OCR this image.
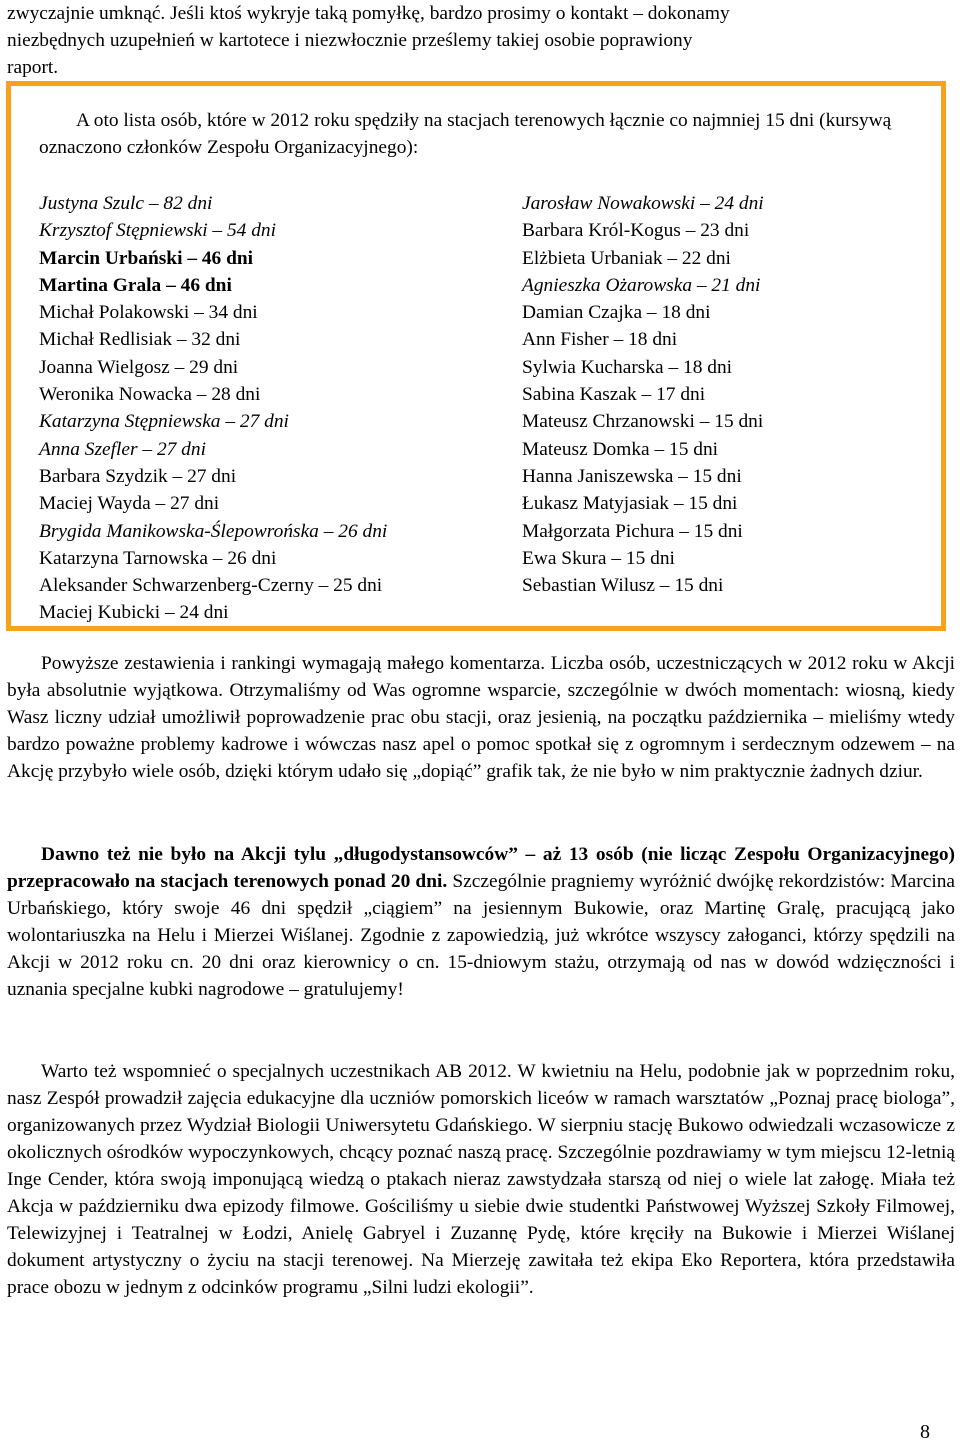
zwyczajnie umknąć. Jeśli ktoś wykryje taką pomyłkę, bardzo prosimy o kontakt – dokonamy
niezbędnych uzupełnień w kartotece i niezwłocznie prześlemy takiej osobie poprawiony
raport.
A oto lista osób, które w 2012 roku spędziły na stacjach terenowych łącznie co najmniej 15 dni (kursywą oznaczono członków Zespołu Organizacyjnego):
Justyna Szulc – 82 dni
Krzysztof Stępniewski – 54 dni
Marcin Urbański – 46 dni
Martina Grala – 46 dni
Michał Polakowski – 34 dni
Michał Redlisiak – 32 dni
Joanna Wielgosz – 29 dni
Weronika Nowacka – 28 dni
Katarzyna Stępniewska – 27 dni
Anna Szefler – 27 dni
Barbara Szydzik – 27 dni
Maciej Wayda – 27 dni
Brygida Manikowska-Ślepowrońska – 26 dni
Katarzyna Tarnowska – 26 dni
Aleksander Schwarzenberg-Czerny – 25 dni
Maciej Kubicki – 24 dni
Jarosław Nowakowski – 24 dni
Barbara Król-Kogus – 23 dni
Elżbieta Urbaniak – 22 dni
Agnieszka Ożarowska – 21 dni
Damian Czajka – 18 dni
Ann Fisher – 18 dni
Sylwia Kucharska – 18 dni
Sabina Kaszak – 17 dni
Mateusz Chrzanowski – 15 dni
Mateusz Domka – 15 dni
Hanna Janiszewska – 15 dni
Łukasz Matyjasiak – 15 dni
Małgorzata Pichura – 15 dni
Ewa Skura – 15 dni
Sebastian Wilusz – 15 dni
Powyższe zestawienia i rankingi wymagają małego komentarza. Liczba osób, uczestniczących w 2012 roku w Akcji była absolutnie wyjątkowa. Otrzymaliśmy od Was ogromne wsparcie, szczególnie w dwóch momentach: wiosną, kiedy Wasz liczny udział umożliwił poprowadzenie prac obu stacji, oraz jesienią, na początku października – mieliśmy wtedy bardzo poważne problemy kadrowe i wówczas nasz apel o pomoc spotkał się z ogromnym i serdecznym odzewem – na Akcję przybyło wiele osób, dzięki którym udało się „dopiąć” grafik tak, że nie było w nim praktycznie żadnych dziur.
Dawno też nie było na Akcji tylu „długodystansowców” – aż 13 osób (nie licząc Zespołu Organizacyjnego) przepracowało na stacjach terenowych ponad 20 dni. Szczególnie pragniemy wyróżnić dwójkę rekordzistów: Marcina Urbańskiego, który swoje 46 dni spędził „ciągiem” na jesiennym Bukowie, oraz Martinę Gralę, pracującą jako wolontariuszka na Helu i Mierzei Wiślanej. Zgodnie z zapowiedzią, już wkrótce wszyscy załoganci, którzy spędzili na Akcji w 2012 roku cn. 20 dni oraz kierownicy o cn. 15-dniowym stażu, otrzymają od nas w dowód wdzięczności i uznania specjalne kubki nagrodowe – gratulujemy!
Warto też wspomnieć o specjalnych uczestnikach AB 2012. W kwietniu na Helu, podobnie jak w poprzednim roku, nasz Zespół prowadził zajęcia edukacyjne dla uczniów pomorskich liceów w ramach warsztatów „Poznaj pracę biologa”, organizowanych przez Wydział Biologii Uniwersytetu Gdańskiego. W sierpniu stację Bukowo odwiedzali wczasowicze z okolicznych ośrodków wypoczynkowych, chcący poznać naszą pracę. Szczególnie pozdrawiamy w tym miejscu 12-letnią Inge Cender, która swoją imponującą wiedzą o ptakach nieraz zawstydzała starszą od niej o wiele lat załogę. Miała też Akcja w październiku dwa epizody filmowe. Gościliśmy u siebie dwie studentki Państwowej Wyższej Szkoły Filmowej, Telewizyjnej i Teatralnej w Łodzi, Anielę Gabryel i Zuzannę Pydę, które kręciły na Bukowie i Mierzei Wiślanej dokument artystyczny o życiu na stacji terenowej. Na Mierzeję zawitała też ekipa Eko Reportera, która przedstawiła prace obozu w jednym z odcinków programu „Silni ludzi ekologii”.
8
